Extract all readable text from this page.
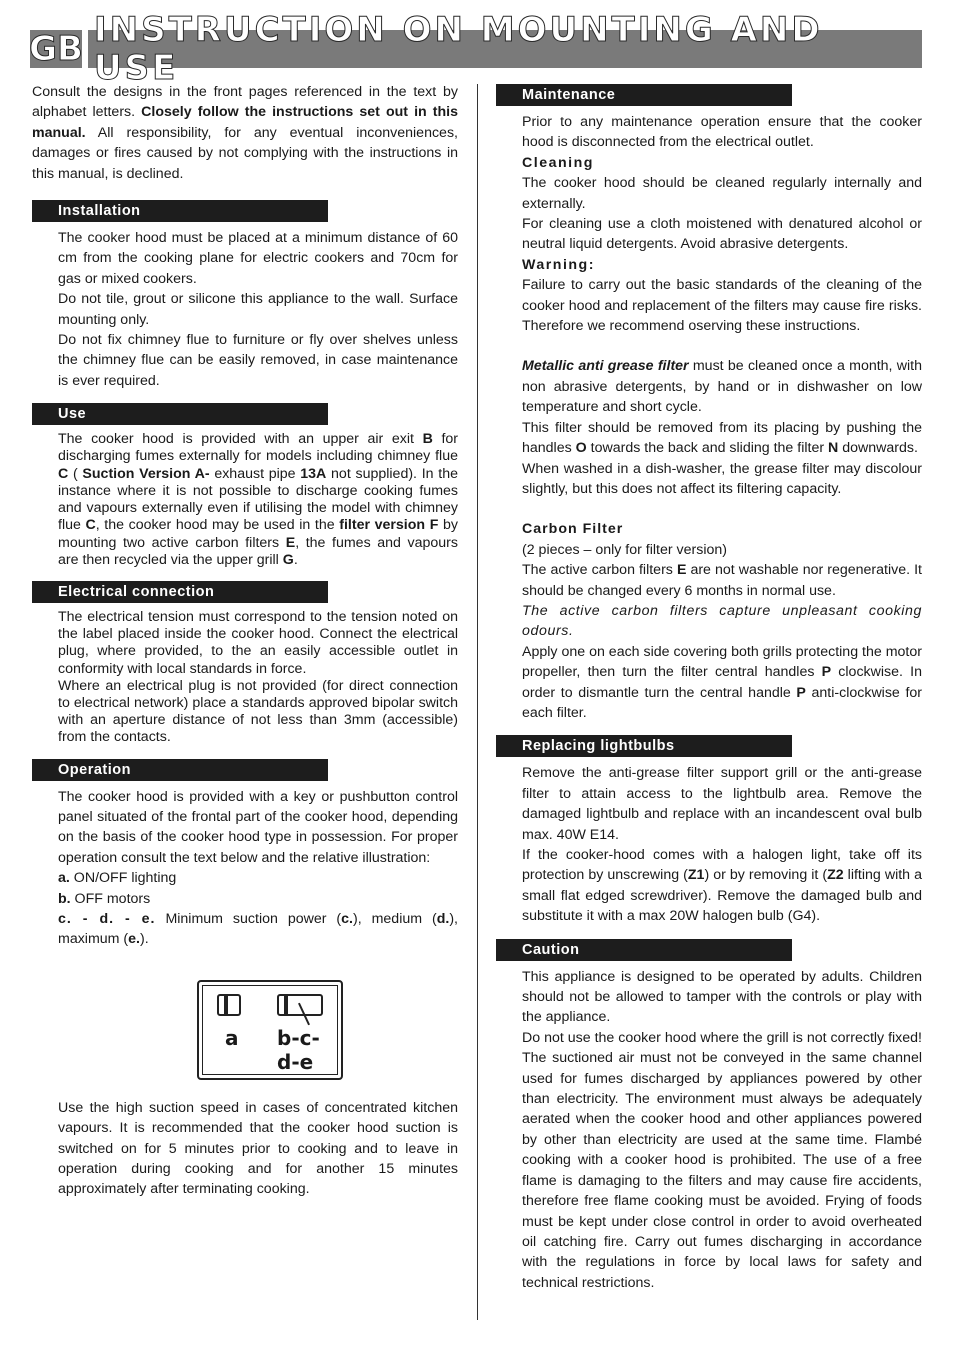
GB INSTRUCTION ON MOUNTING AND USE

Consult the designs in the front pages referenced in the text by alphabet letters. Closely follow the instructions set out in this manual. All responsibility, for any eventual inconveniences, damages or fires caused by not complying with the instructions in this manual, is declined.

Installation

The cooker hood must be placed at a minimum distance of 60 cm from the cooking plane for electric cookers and 70cm for gas or mixed cookers.

Do not tile, grout or silicone this appliance to the wall. Surface mounting only.

Do not fix chimney flue to furniture or fly over shelves unless the chimney flue can be easily removed, in case maintenance is ever required.

Use

The cooker hood is provided with an upper air exit B for discharging fumes externally for models including chimney flue C ( Suction Version A- exhaust pipe 13A not supplied). In the instance where it is not possible to discharge cooking fumes and vapours externally even if utilising the model with chimney flue C, the cooker hood may be used in the filter version F by mounting two active carbon filters E, the fumes and vapours are then recycled via the upper grill G.

Electrical connection

The electrical tension must correspond to the tension noted on the label placed inside the cooker hood. Connect the electrical plug, where provided, to the an easily accessible outlet in conformity with local standards in force.

Where an electrical plug is not provided (for direct connection to electrical network) place a standards approved bipolar switch with an aperture distance of not less than 3mm (accessible) from the contacts.

Operation

The cooker hood is provided with a key or pushbutton control panel situated of the frontal part of the cooker hood, depending on the basis of the cooker hood type in possession. For proper operation consult the text below and the relative illustration:

a. ON/OFF lighting

b. OFF motors

c. - d. - e. Minimum suction power (c.), medium (d.), maximum (e.).

a b-c-d-e

Use the high suction speed in cases of concentrated kitchen vapours. It is recommended that the cooker hood suction is switched on for 5 minutes prior to cooking and to leave in operation during cooking and for another 15 minutes approximately after terminating cooking.

Maintenance

Prior to any maintenance operation ensure that the cooker hood is disconnected from the electrical outlet.

Cleaning

The cooker hood should be cleaned regularly internally and externally.

For cleaning use a cloth moistened with denatured alcohol or neutral liquid detergents. Avoid abrasive detergents.

Warning:

Failure to carry out the basic standards of the cleaning of the cooker hood and replacement of the filters may cause fire risks. Therefore we recommend oserving these instructions.

Metallic anti grease filter must be cleaned once a month, with non abrasive detergents, by hand or in dishwasher on low temperature and short cycle.

This filter should be removed from its placing by pushing the handles O towards the back and sliding the filter N downwards.

When washed in a dish-washer, the grease filter may discolour slightly, but this does not affect its filtering capacity.

Carbon Filter

(2 pieces – only for filter version)

The active carbon filters E are not washable nor regenerative. It should be changed every 6 months in normal use.

The active carbon filters capture unpleasant cooking odours.

Apply one on each side covering both grills protecting the motor propeller, then turn the filter central handles P clockwise. In order to dismantle turn the central handle P anti-clockwise for each filter.

Replacing lightbulbs

Remove the anti-grease filter support grill or the anti-grease filter to attain access to the lightbulb area. Remove the damaged lightbulb and replace with an incandescent oval bulb max. 40W E14.

If the cooker-hood comes with a halogen light, take off its protection by unscrewing (Z1) or by removing it (Z2 lifting with a small flat edged screwdriver). Remove the damaged bulb and substitute it with a max 20W halogen bulb (G4).

Caution

This appliance is designed to be operated by adults. Children should not be allowed to tamper with the controls or play with the appliance.

Do not use the cooker hood where the grill is not correctly fixed! The suctioned air must not be conveyed in the same channel used for fumes discharged by appliances powered by other than electricity. The environment must always be adequately aerated when the cooker hood and other appliances powered by other than electricity are used at the same time. Flambé cooking with a cooker hood is prohibited. The use of a free flame is damaging to the filters and may cause fire accidents, therefore free flame cooking must be avoided. Frying of foods must be kept under close control in order to avoid overheated oil catching fire. Carry out fumes discharging in accordance with the regulations in force by local laws for safety and technical restrictions.
